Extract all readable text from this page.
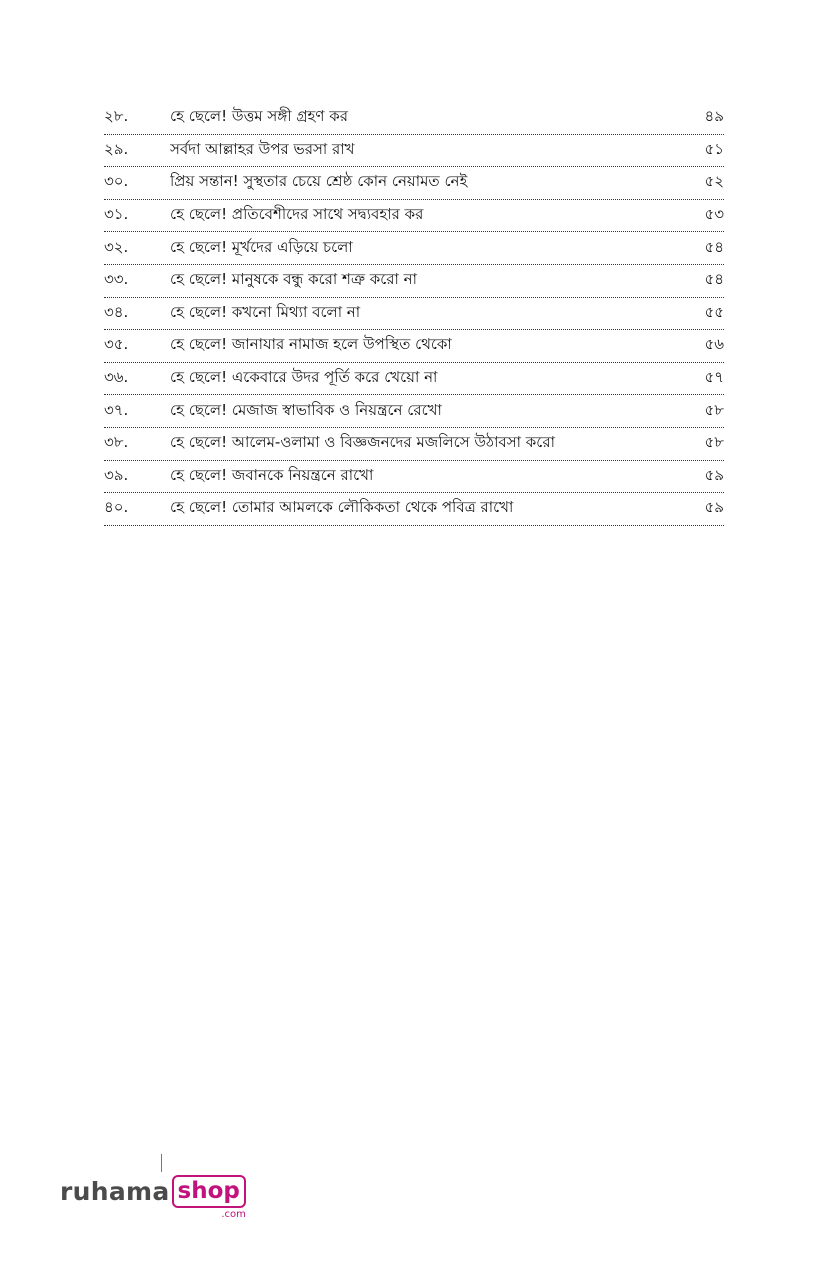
২৮.	হে ছেলে! উত্তম সঙ্গী গ্রহণ কর	৪৯
২৯.	সর্বদা আল্লাহর উপর ভরসা রাখ	৫১
৩০.	প্রিয় সন্তান! সুস্থতার চেয়ে শ্রেষ্ঠ কোন নেয়ামত নেই	৫২
৩১.	হে ছেলে! প্রতিবেশীদের সাথে সদ্ব্যবহার কর	৫৩
৩২.	হে ছেলে! মূর্খদের এড়িয়ে চলো	৫৪
৩৩.	হে ছেলে! মানুষকে বন্ধু করো শত্রু করো না	৫৪
৩৪.	হে ছেলে! কখনো মিথ্যা বলো না	৫৫
৩৫.	হে ছেলে! জানাযার নামাজ হলে উপস্থিত থেকো	৫৬
৩৬.	হে ছেলে! একেবারে উদর পূর্তি করে খেয়ো না	৫৭
৩৭.	হে ছেলে! মেজাজ স্বাভাবিক ও নিয়ন্ত্রনে রেখো	৫৮
৩৮.	হে ছেলে! আলেম-ওলামা ও বিজ্ঞজনদের মজলিসে উঠাবসা করো	৫৮
৩৯.	হে ছেলে! জবানকে নিয়ন্ত্রনে রাখো	৫৯
৪০.	হে ছেলে! তোমার আমলকে লৌকিকতা থেকে পবিত্র রাখো	৫৯
ruhama shop
.com
